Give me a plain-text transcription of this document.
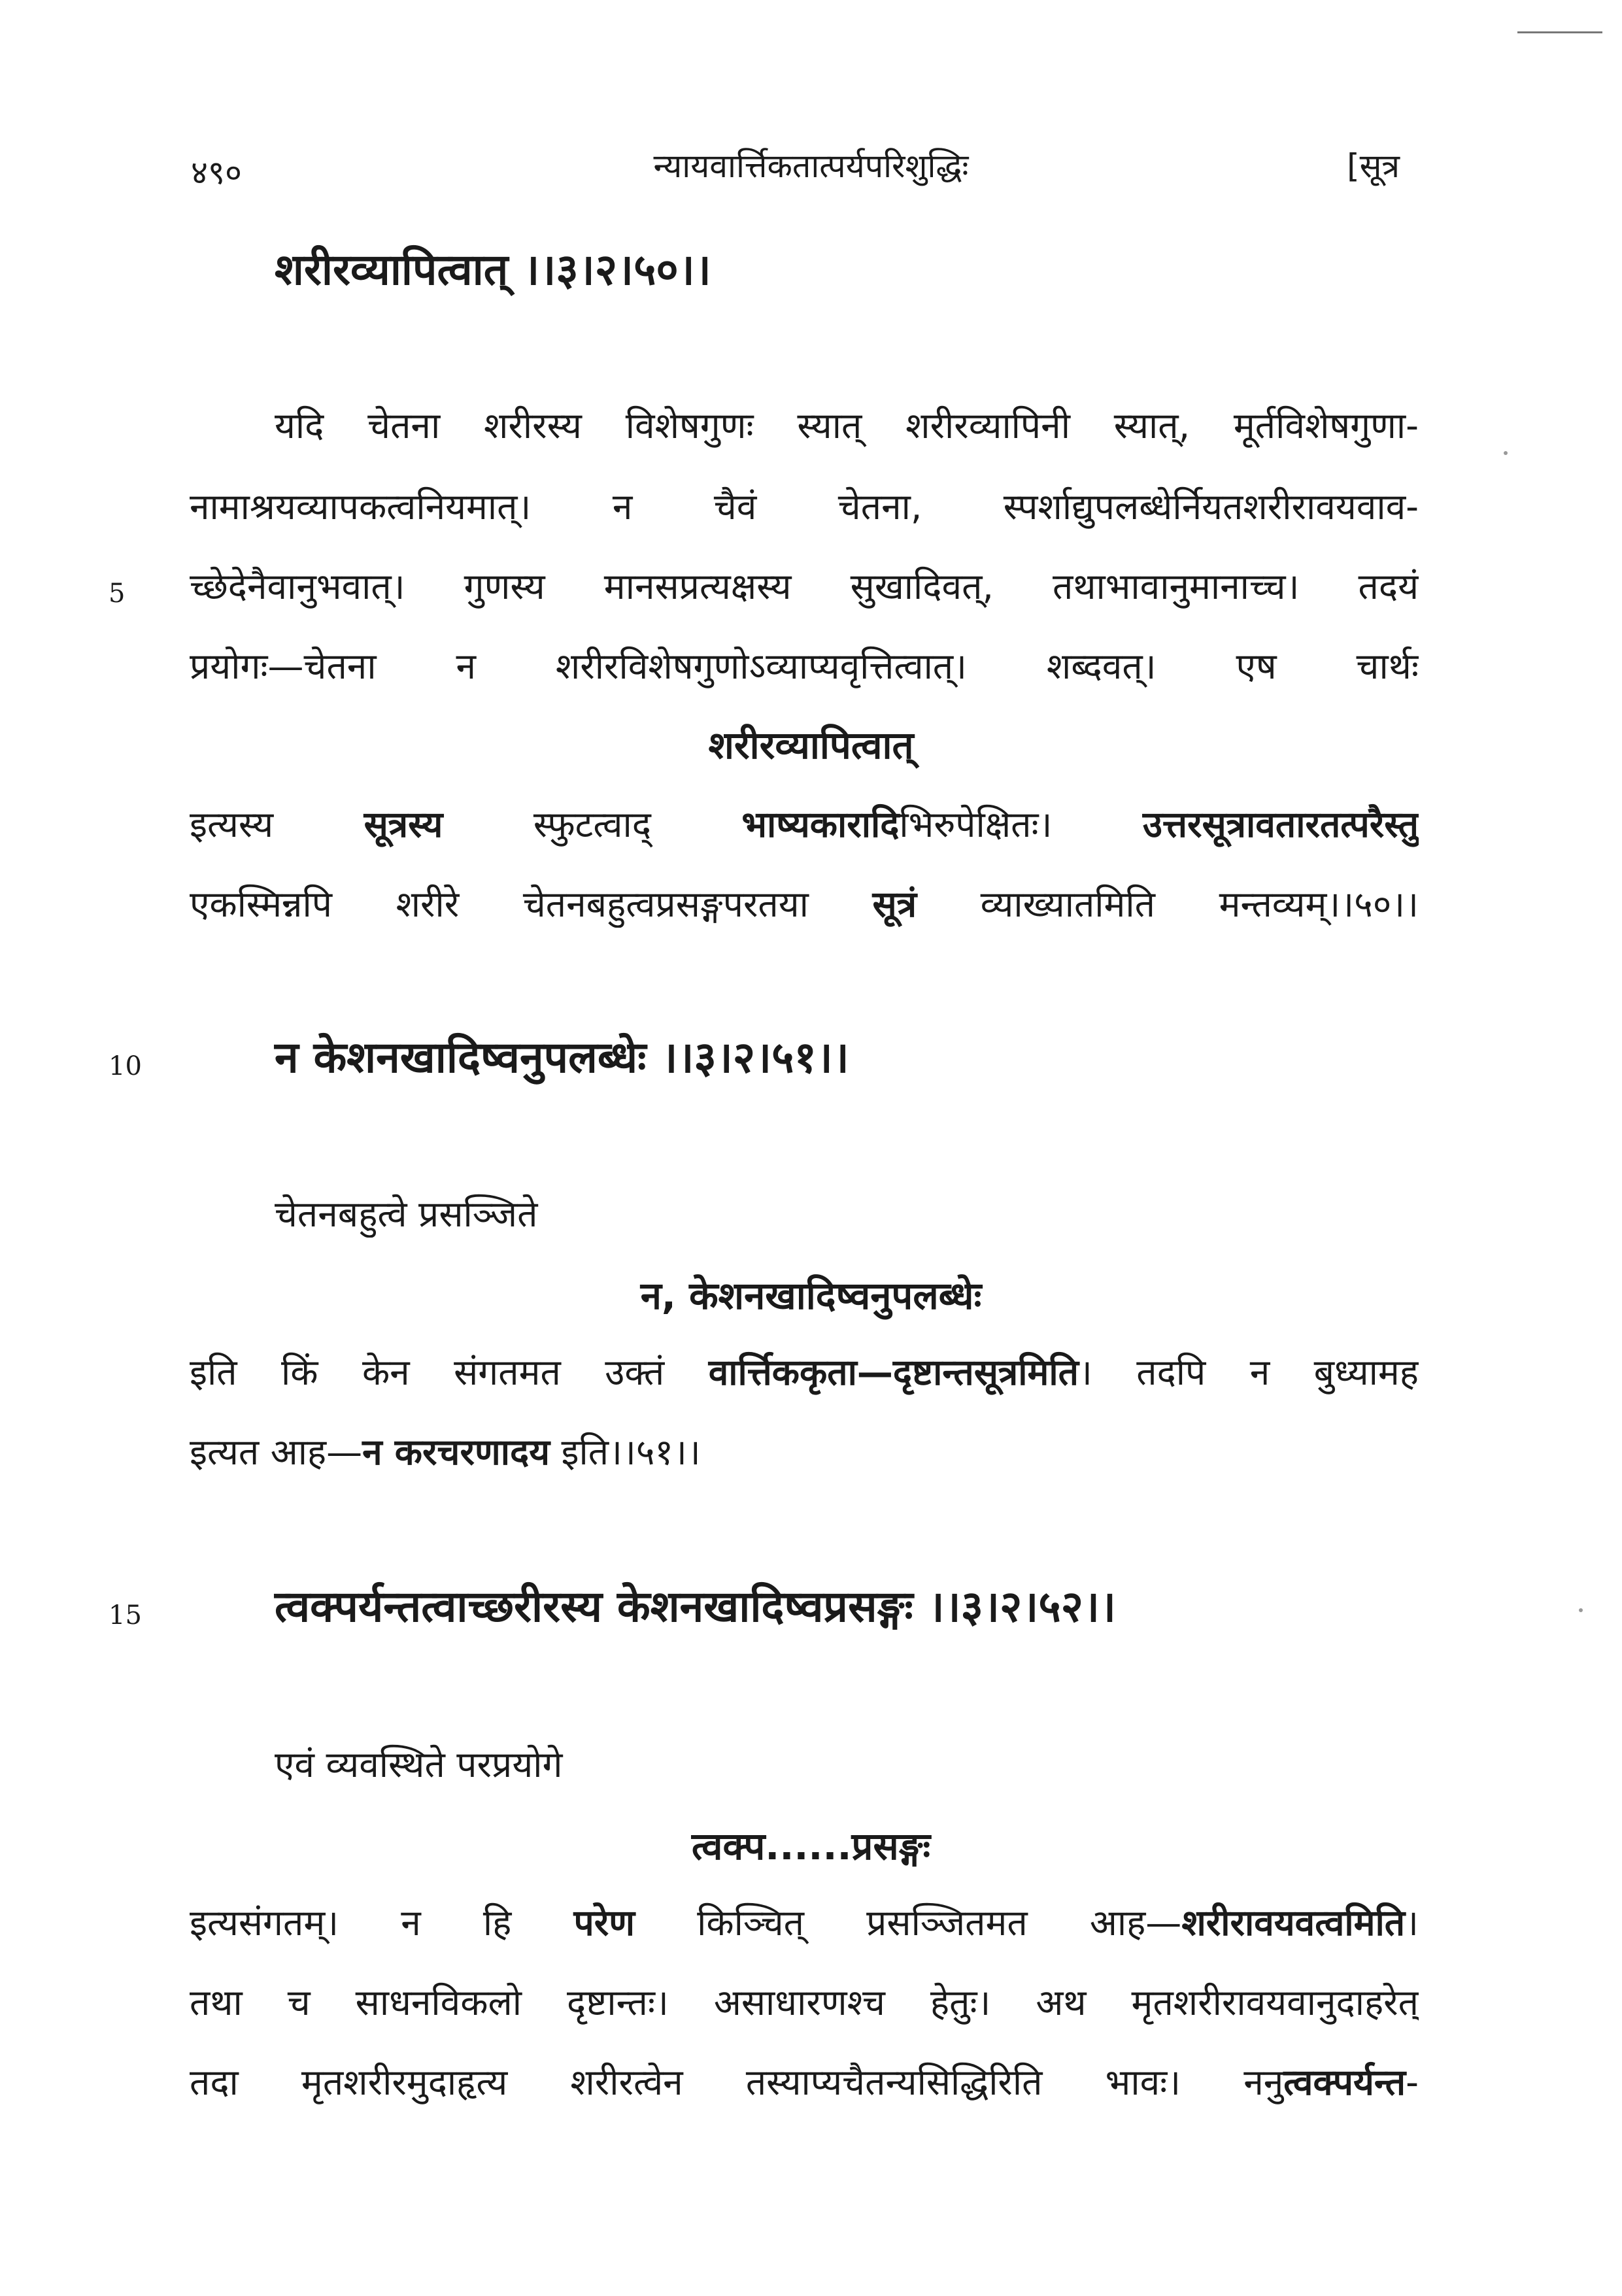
४९०	न्यायवार्त्तिकतात्पर्यपरिशुद्धिः	[सूत्र
शरीरव्यापित्वात् ।।३।२।५०।।
यदि चेतना शरीरस्य विशेषगुणः स्यात् शरीरव्यापिनी स्यात्, मूर्तविशेषगुणा-
नामाश्रयव्यापकत्वनियमात्। न चैवं चेतना, स्पर्शाद्युपलब्धेर्नियतशरीरावयवाव-
5 च्छेदेनैवानुभवात्। गुणस्य मानसप्रत्यक्षस्य सुखादिवत्, तथाभावानुमानाच्च। तदयं
प्रयोगः—चेतना न शरीरविशेषगुणोऽव्याप्यवृत्तित्वात्। शब्दवत्। एष चार्थः
शरीरव्यापित्वात्
इत्यस्य सूत्रस्य स्फुटत्वाद् भाष्यकारादिभिरुपेक्षितः। उत्तरसूत्रावतारतत्परैस्तु
एकस्मिन्नपि शरीरे चेतनबहुत्वप्रसङ्गपरतया सूत्रं व्याख्यातमिति मन्तव्यम्।।५०।।
10	न केशनखादिष्वनुपलब्धेः ।।३।२।५१।।
चेतनबहुत्वे प्रसञ्जिते
न, केशनखादिष्वनुपलब्धेः
इति किं केन संगतमत उक्तं वार्त्तिककृता—दृष्टान्तसूत्रमिति। तदपि न बुध्यामह
इत्यत आह—न करचरणादय इति।।५१।।
15	त्वक्पर्यन्तत्वाच्छरीरस्य केशनखादिष्वप्रसङ्गः ।।३।२।५२।।
एवं व्यवस्थिते परप्रयोगे
त्वक्प......प्रसङ्गः
इत्यसंगतम्। न हि परेण किञ्चित् प्रसञ्जितमत आह—शरीरावयवत्वमिति।
तथा च साधनविकलो दृष्टान्तः। असाधारणश्च हेतुः। अथ मृतशरीरावयवानुदाहरेत्
तदा मृतशरीरमुदाहृत्य शरीरत्वेन तस्याप्यचैतन्यसिद्धिरिति भावः। ननुत्वक्पर्यन्त-
